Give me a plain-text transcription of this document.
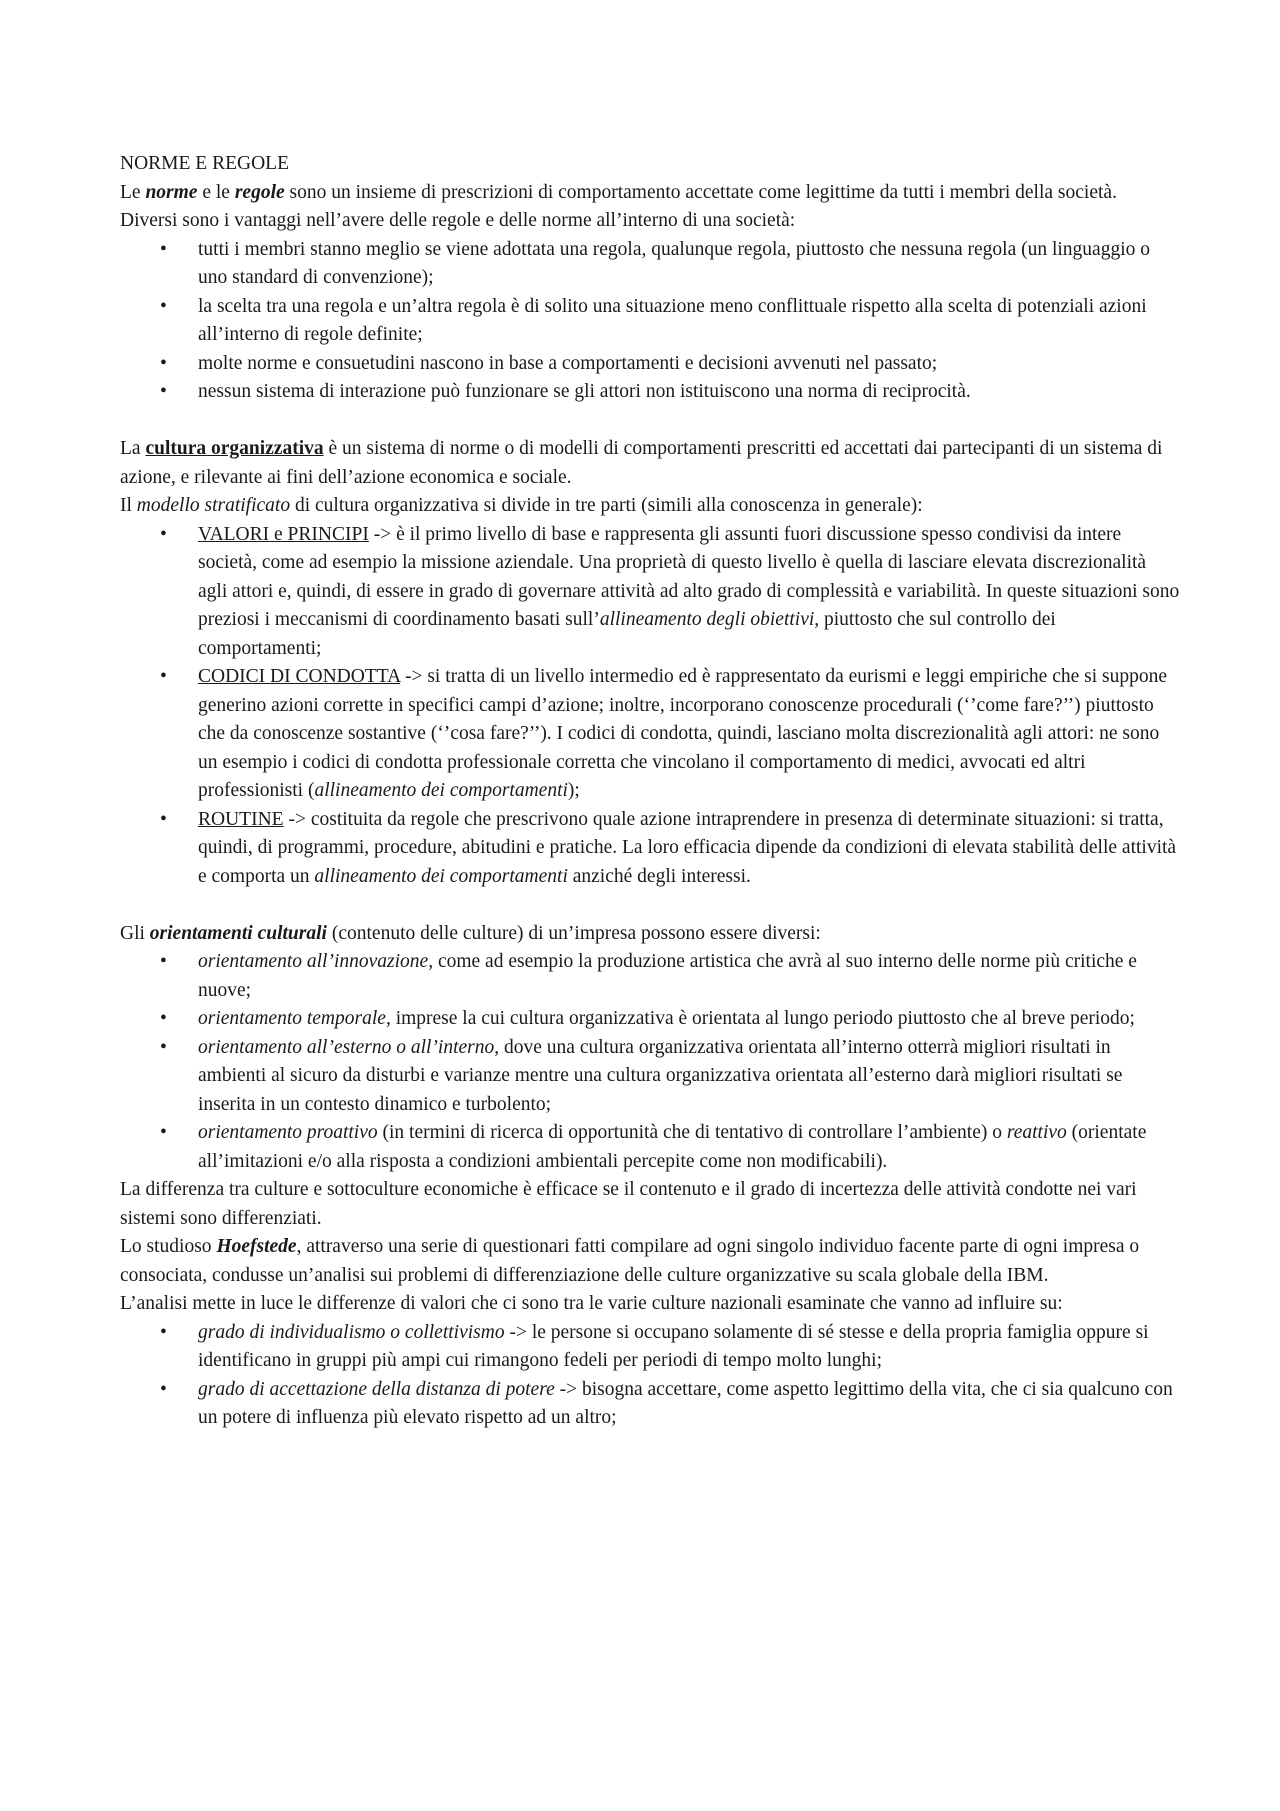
NORME E REGOLE

Le norme e le regole sono un insieme di prescrizioni di comportamento accettate come legittime da tutti i membri della società.

Diversi sono i vantaggi nell’avere delle regole e delle norme all’interno di una società:

• tutti i membri stanno meglio se viene adottata una regola, qualunque regola, piuttosto che nessuna regola (un linguaggio o uno standard di convenzione);
• la scelta tra una regola e un’altra regola è di solito una situazione meno conflittuale rispetto alla scelta di potenziali azioni all’interno di regole definite;
• molte norme e consuetudini nascono in base a comportamenti e decisioni avvenuti nel passato;
• nessun sistema di interazione può funzionare se gli attori non istituiscono una norma di reciprocità.

La cultura organizzativa è un sistema di norme o di modelli di comportamenti prescritti ed accettati dai partecipanti di un sistema di azione, e rilevante ai fini dell’azione economica e sociale.

Il modello stratificato di cultura organizzativa si divide in tre parti (simili alla conoscenza in generale):

• VALORI e PRINCIPI -> è il primo livello di base e rappresenta gli assunti fuori discussione spesso condivisi da intere società, come ad esempio la missione aziendale. Una proprietà di questo livello è quella di lasciare elevata discrezionalità agli attori e, quindi, di essere in grado di governare attività ad alto grado di complessità e variabilità. In queste situazioni sono preziosi i meccanismi di coordinamento basati sull’allineamento degli obiettivi, piuttosto che sul controllo dei comportamenti;
• CODICI DI CONDOTTA -> si tratta di un livello intermedio ed è rappresentato da eurismi e leggi empiriche che si suppone generino azioni corrette in specifici campi d’azione; inoltre, incorporano conoscenze procedurali (‘’come fare?’’) piuttosto che da conoscenze sostantive (‘’cosa fare?’’). I codici di condotta, quindi, lasciano molta discrezionalità agli attori: ne sono un esempio i codici di condotta professionale corretta che vincolano il comportamento di medici, avvocati ed altri professionisti (allineamento dei comportamenti);
• ROUTINE -> costituita da regole che prescrivono quale azione intraprendere in presenza di determinate situazioni: si tratta, quindi, di programmi, procedure, abitudini e pratiche. La loro efficacia dipende da condizioni di elevata stabilità delle attività e comporta un allineamento dei comportamenti anziché degli interessi.

Gli orientamenti culturali (contenuto delle culture) di un’impresa possono essere diversi:

• orientamento all’innovazione, come ad esempio la produzione artistica che avrà al suo interno delle norme più critiche e nuove;
• orientamento temporale, imprese la cui cultura organizzativa è orientata al lungo periodo piuttosto che al breve periodo;
• orientamento all’esterno o all’interno, dove una cultura organizzativa orientata all’interno otterrà migliori risultati in ambienti al sicuro da disturbi e varianze mentre una cultura organizzativa orientata all’esterno darà migliori risultati se inserita in un contesto dinamico e turbolento;
• orientamento proattivo (in termini di ricerca di opportunità che di tentativo di controllare l’ambiente) o reattivo (orientate all’imitazioni e/o alla risposta a condizioni ambientali percepite come non modificabili).

La differenza tra culture e sottoculture economiche è efficace se il contenuto e il grado di incertezza delle attività condotte nei vari sistemi sono differenziati.

Lo studioso Hoefstede, attraverso una serie di questionari fatti compilare ad ogni singolo individuo facente parte di ogni impresa o consociata, condusse un’analisi sui problemi di differenziazione delle culture organizzative su scala globale della IBM.

L’analisi mette in luce le differenze di valori che ci sono tra le varie culture nazionali esaminate che vanno ad influire su:

• grado di individualismo o collettivismo -> le persone si occupano solamente di sé stesse e della propria famiglia oppure si identificano in gruppi più ampi cui rimangono fedeli per periodi di tempo molto lunghi;
• grado di accettazione della distanza di potere -> bisogna accettare, come aspetto legittimo della vita, che ci sia qualcuno con un potere di influenza più elevato rispetto ad un altro;
